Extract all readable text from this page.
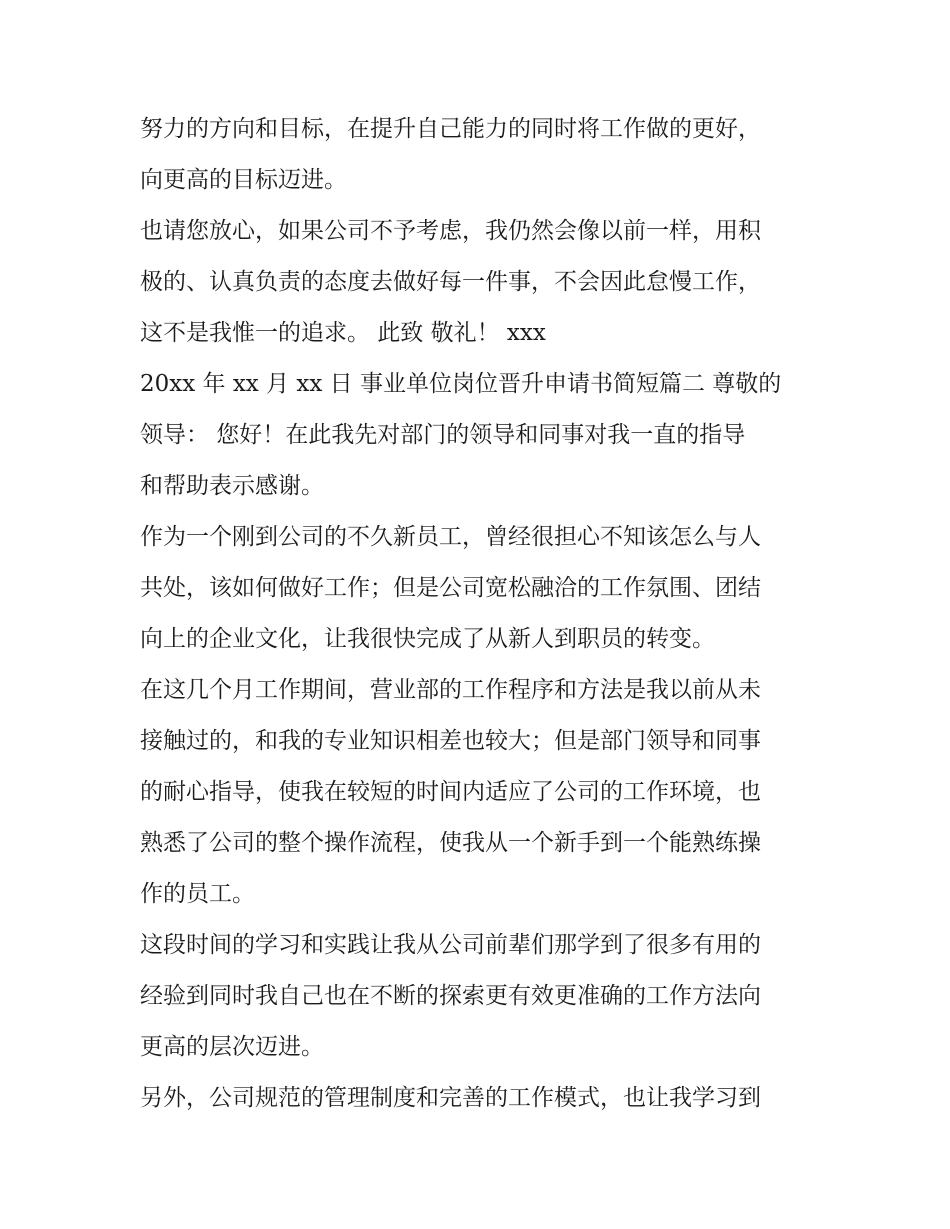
努力的方向和目标，在提升自己能力的同时将工作做的更好，
向更高的目标迈进。
也请您放心，如果公司不予考虑，我仍然会像以前一样，用积
极的、认真负责的态度去做好每一件事，不会因此怠慢工作，
这不是我惟一的追求。 此致 敬礼！ xxx
20xx 年 xx 月 xx 日 事业单位岗位晋升申请书简短篇二 尊敬的
领导： 您好！在此我先对部门的领导和同事对我一直的指导
和帮助表示感谢。
作为一个刚到公司的不久新员工，曾经很担心不知该怎么与人
共处，该如何做好工作；但是公司宽松融洽的工作氛围、团结
向上的企业文化，让我很快完成了从新人到职员的转变。
在这几个月工作期间，营业部的工作程序和方法是我以前从未
接触过的，和我的专业知识相差也较大；但是部门领导和同事
的耐心指导，使我在较短的时间内适应了公司的工作环境，也
熟悉了公司的整个操作流程，使我从一个新手到一个能熟练操
作的员工。
这段时间的学习和实践让我从公司前辈们那学到了很多有用的
经验到同时我自己也在不断的探索更有效更准确的工作方法向
更高的层次迈进。
另外，公司规范的管理制度和完善的工作模式，也让我学习到
